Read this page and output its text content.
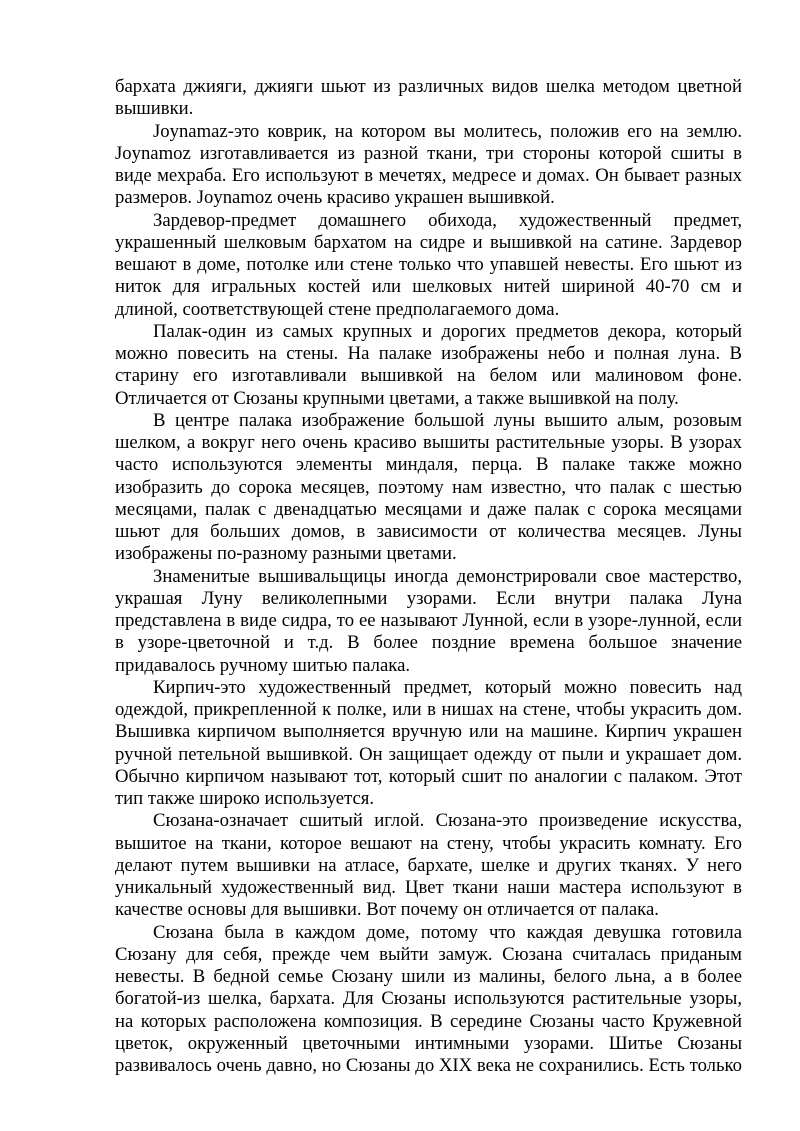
бархата джияги, джияги шьют из различных видов шелка методом цветной вышивки.

Joynamaz-это коврик, на котором вы молитесь, положив его на землю. Joynamoz изготавливается из разной ткани, три стороны которой сшиты в виде мехраба. Его используют в мечетях, медресе и домах. Он бывает разных размеров. Joynamoz очень красиво украшен вышивкой.

Зардевор-предмет домашнего обихода, художественный предмет, украшенный шелковым бархатом на сидре и вышивкой на сатине. Зардевор вешают в доме, потолке или стене только что упавшей невесты. Его шьют из ниток для игральных костей или шелковых нитей шириной 40-70 см и длиной, соответствующей стене предполагаемого дома.

Палак-один из самых крупных и дорогих предметов декора, который можно повесить на стены. На палаке изображены небо и полная луна. В старину его изготавливали вышивкой на белом или малиновом фоне. Отличается от Сюзаны крупными цветами, а также вышивкой на полу.

В центре палака изображение большой луны вышито алым, розовым шелком, а вокруг него очень красиво вышиты растительные узоры. В узорах часто используются элементы миндаля, перца. В палаке также можно изобразить до сорока месяцев, поэтому нам известно, что палак с шестью месяцами, палак с двенадцатью месяцами и даже палак с сорока месяцами шьют для больших домов, в зависимости от количества месяцев. Луны изображены по-разному разными цветами.

Знаменитые вышивальщицы иногда демонстрировали свое мастерство, украшая Луну великолепными узорами. Если внутри палака Луна представлена в виде сидра, то ее называют Лунной, если в узоре-лунной, если в узоре-цветочной и т.д. В более поздние времена большое значение придавалось ручному шитью палака.

Кирпич-это художественный предмет, который можно повесить над одеждой, прикрепленной к полке, или в нишах на стене, чтобы украсить дом. Вышивка кирпичом выполняется вручную или на машине. Кирпич украшен ручной петельной вышивкой. Он защищает одежду от пыли и украшает дом. Обычно кирпичом называют тот, который сшит по аналогии с палаком. Этот тип также широко используется.

Сюзана-означает сшитый иглой. Сюзана-это произведение искусства, вышитое на ткани, которое вешают на стену, чтобы украсить комнату. Его делают путем вышивки на атласе, бархате, шелке и других тканях. У него уникальный художественный вид. Цвет ткани наши мастера используют в качестве основы для вышивки. Вот почему он отличается от палака.

Сюзана была в каждом доме, потому что каждая девушка готовила Сюзану для себя, прежде чем выйти замуж. Сюзана считалась приданым невесты. В бедной семье Сюзану шили из малины, белого льна, а в более богатой-из шелка, бархата. Для Сюзаны используются растительные узоры, на которых расположена композиция. В середине Сюзаны часто Кружевной цветок, окруженный цветочными интимными узорами. Шитье Сюзаны развивалось очень давно, но Сюзаны до XIX века не сохранились. Есть только
